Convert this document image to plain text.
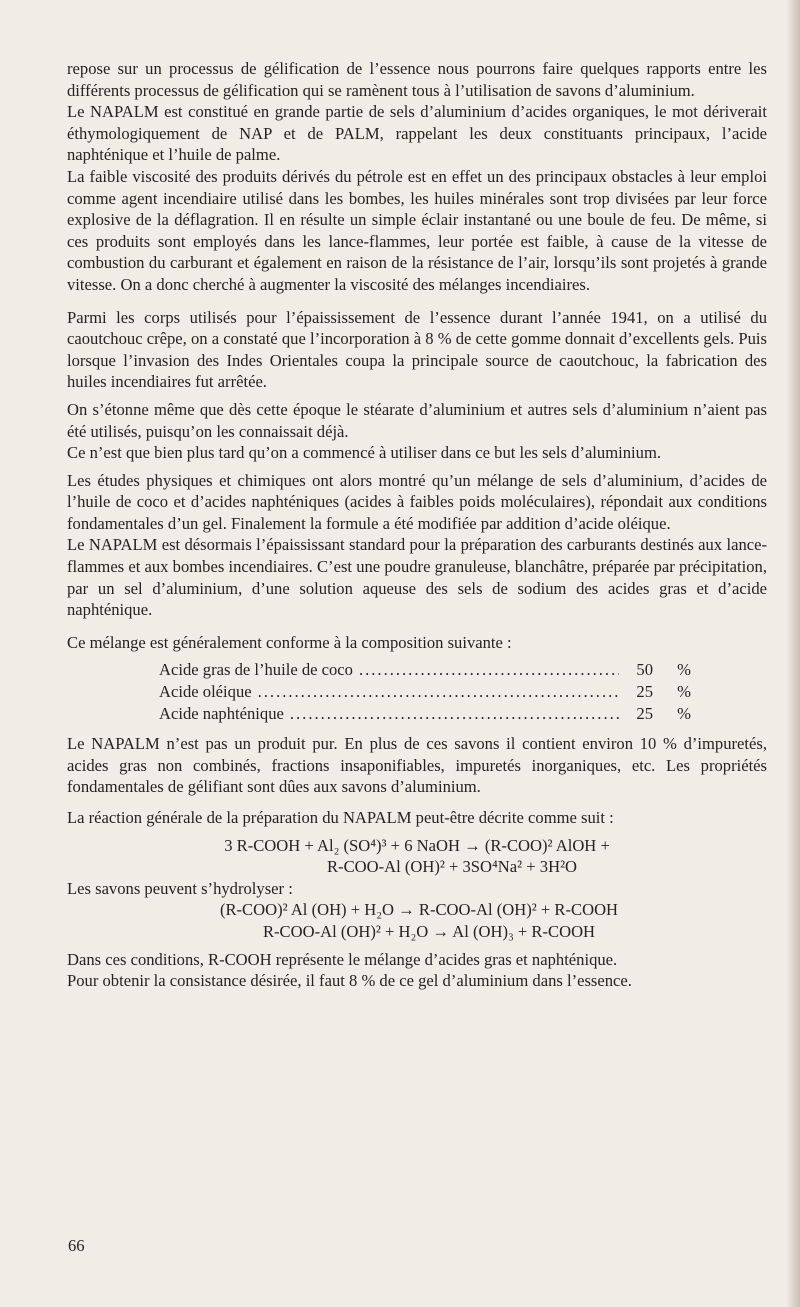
repose sur un processus de gélification de l’essence nous pourrons faire quelques rapports entre les différents processus de gélification qui se ramènent tous à l’utilisation de savons d’aluminium.

Le NAPALM est constitué en grande partie de sels d’aluminium d’acides organiques, le mot dériverait éthymologiquement de NAP et de PALM, rappelant les deux constituants principaux, l’acide naphténique et l’huile de palme.

La faible viscosité des produits dérivés du pétrole est en effet un des principaux obstacles à leur emploi comme agent incendiaire utilisé dans les bombes, les huiles minérales sont trop divisées par leur force explosive de la déflagration. Il en résulte un simple éclair instantané ou une boule de feu. De même, si ces produits sont employés dans les lance-flammes, leur portée est faible, à cause de la vitesse de combustion du carburant et également en raison de la résistance de l’air, lorsqu’ils sont projetés à grande vitesse. On a donc cherché à augmenter la viscosité des mélanges incendiaires.

Parmi les corps utilisés pour l’épaississement de l’essence durant l’année 1941, on a utilisé du caoutchouc crêpe, on a constaté que l’incorporation à 8 % de cette gomme donnait d’excellents gels. Puis lorsque l’invasion des Indes Orientales coupa la principale source de caoutchouc, la fabrication des huiles incendiaires fut arrêtée.

On s’étonne même que dès cette époque le stéarate d’aluminium et autres sels d’aluminium n’aient pas été utilisés, puisqu’on les connaissait déjà.

Ce n’est que bien plus tard qu’on a commencé à utiliser dans ce but les sels d’aluminium.

Les études physiques et chimiques ont alors montré qu’un mélange de sels d’aluminium, d’acides de l’huile de coco et d’acides naphténiques (acides à faibles poids moléculaires), répondait aux conditions fondamentales d’un gel. Finalement la formule a été modifiée par addition d’acide oléique.

Le NAPALM est désormais l’épaississant standard pour la préparation des carburants destinés aux lance-flammes et aux bombes incendiaires. C’est une poudre granuleuse, blanchâtre, préparée par précipitation, par un sel d’aluminium, d’une solution aqueuse des sels de sodium des acides gras et d’acide naphténique.

Ce mélange est généralement conforme à la composition suivante :

Acide gras de l’huile de coco .....	50	%
Acide oléique .....	25	%
Acide naphténique .....	25	%

Le NAPALM n’est pas un produit pur. En plus de ces savons il contient environ 10 % d’impuretés, acides gras non combinés, fractions insaponifiables, impuretés inorganiques, etc. Les propriétés fondamentales de gélifiant sont dûes aux savons d’aluminium.

La réaction générale de la préparation du NAPALM peut-être décrite comme suit :

3 R-COOH + Al₂ (SO⁴)³ + 6 NaOH → (R-COO)² AlOH +

R-COO-Al (OH)² + 3SO⁴Na² + 3H²O

Les savons peuvent s’hydrolyser :

(R-COO)² Al (OH) + H₂O → R-COO-Al (OH)² + R-COOH

R-COO-Al (OH)² + H₂O → Al (OH)₃ + R-COOH

Dans ces conditions, R-COOH représente le mélange d’acides gras et naphténique.

Pour obtenir la consistance désirée, il faut 8 % de ce gel d’aluminium dans l’essence.

66
